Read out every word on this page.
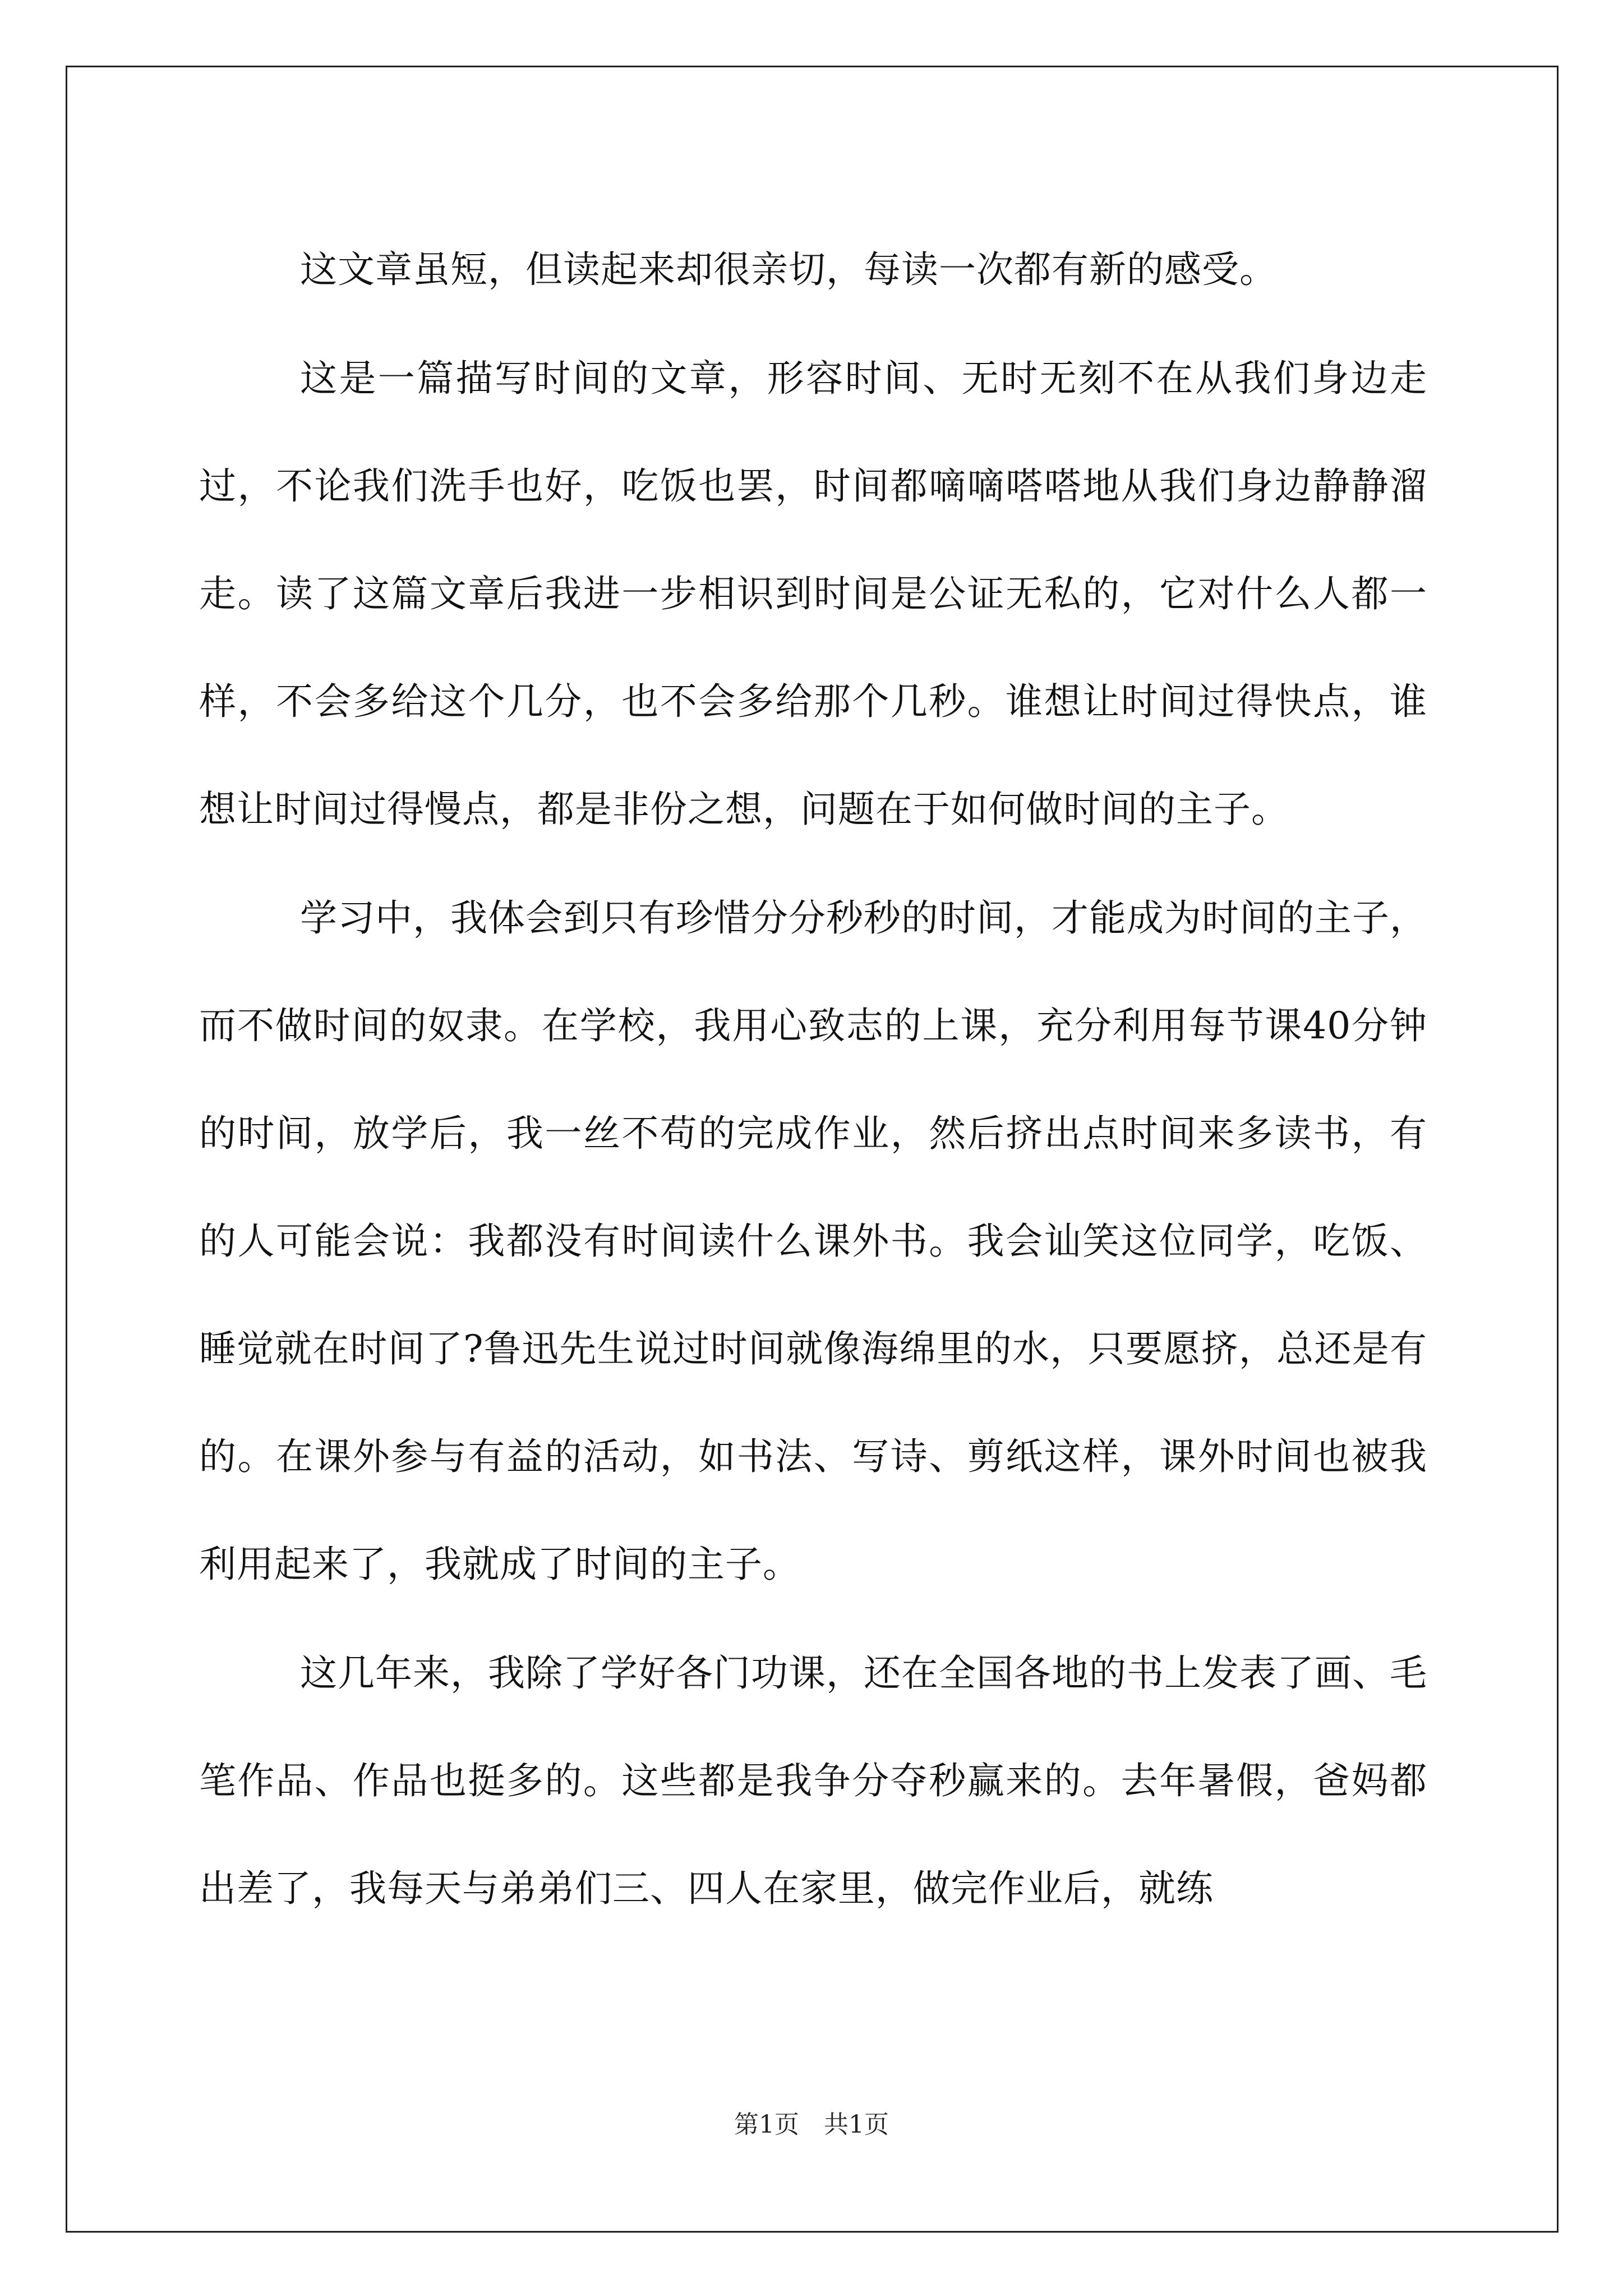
这文章虽短，但读起来却很亲切，每读一次都有新的感受。

这是一篇描写时间的文章，形容时间、无时无刻不在从我们身边走过，不论我们洗手也好，吃饭也罢，时间都嘀嘀嗒嗒地从我们身边静静溜走。读了这篇文章后我进一步相识到时间是公证无私的，它对什么人都一样，不会多给这个几分，也不会多给那个几秒。谁想让时间过得快点，谁想让时间过得慢点，都是非份之想，问题在于如何做时间的主子。

学习中，我体会到只有珍惜分分秒秒的时间，才能成为时间的主子，而不做时间的奴隶。在学校，我用心致志的上课，充分利用每节课40分钟的时间，放学后，我一丝不苟的完成作业，然后挤出点时间来多读书，有的人可能会说：我都没有时间读什么课外书。我会讪笑这位同学，吃饭、睡觉就在时间了?鲁迅先生说过时间就像海绵里的水，只要愿挤，总还是有的。在课外参与有益的活动，如书法、写诗、剪纸这样，课外时间也被我利用起来了，我就成了时间的主子。

这几年来，我除了学好各门功课，还在全国各地的书上发表了画、毛笔作品、作品也挺多的。这些都是我争分夺秒赢来的。去年暑假，爸妈都出差了，我每天与弟弟们三、四人在家里，做完作业后，就练

第1页　共1页
